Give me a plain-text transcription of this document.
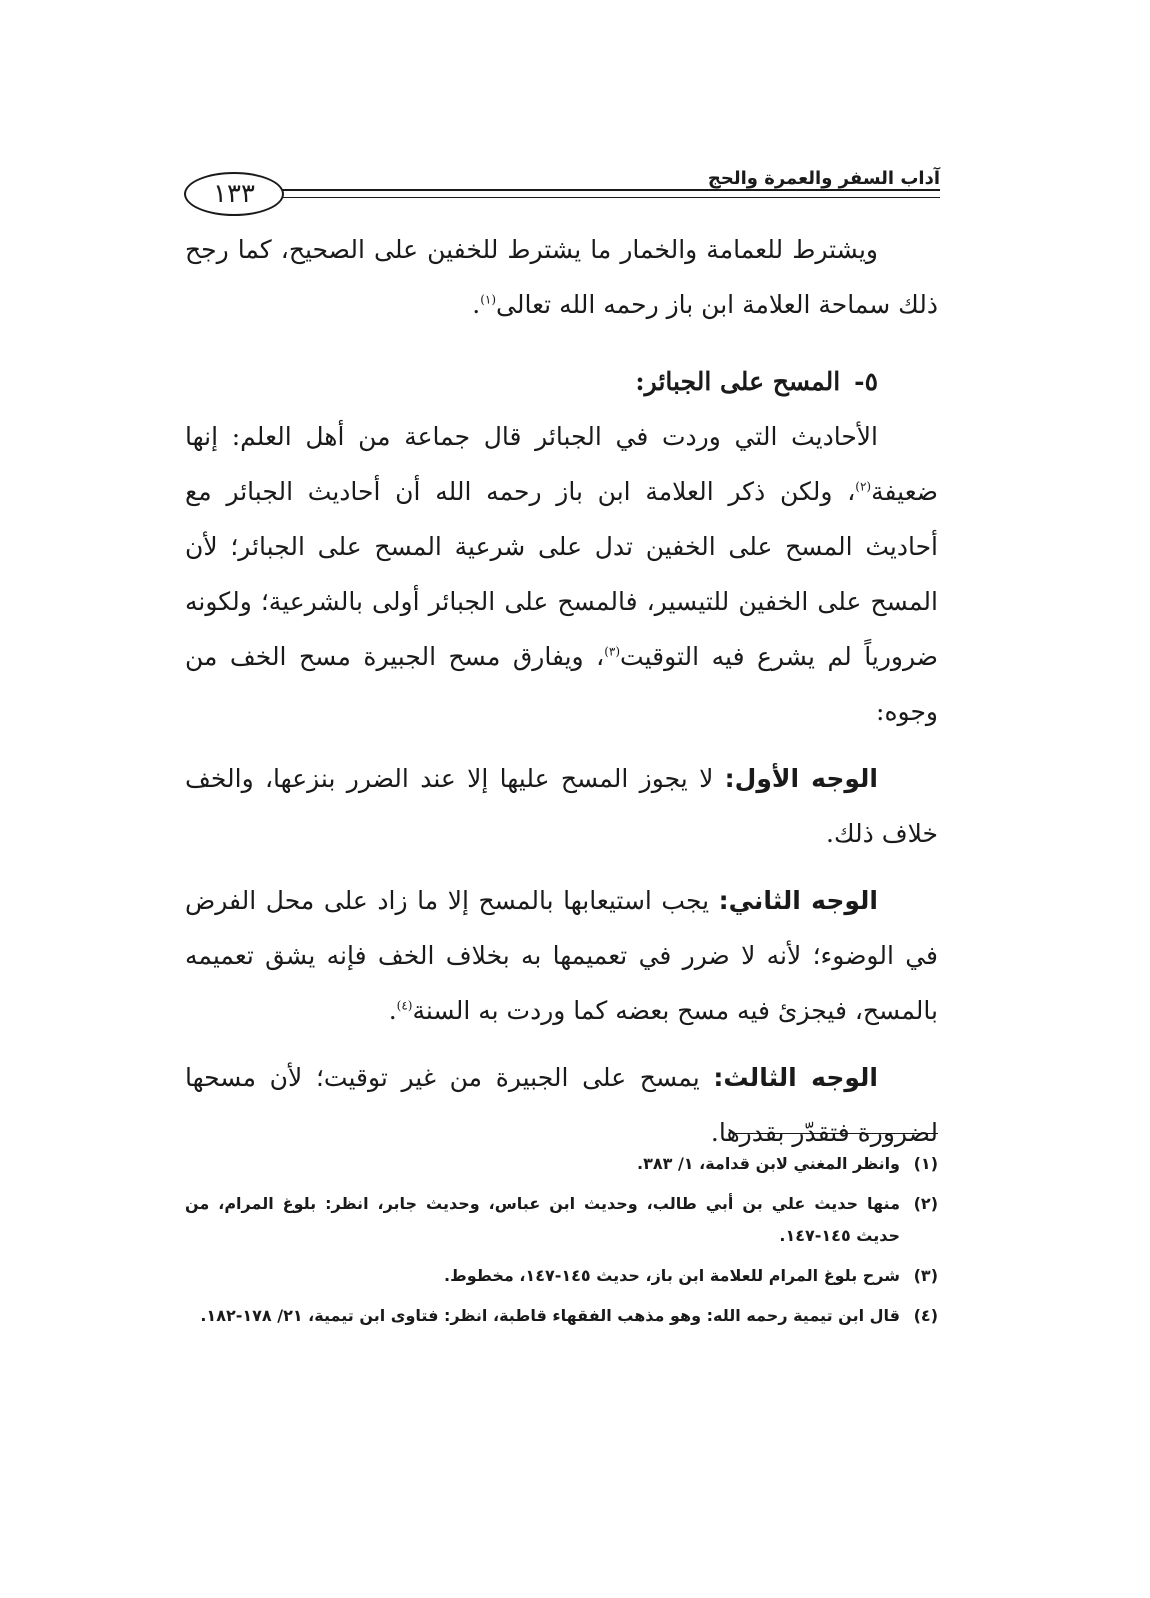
آداب السفر والعمرة والحج
١٣٣

ويشترط للعمامة والخمار ما يشترط للخفين على الصحيح، كما رجح ذلك سماحة العلامة ابن باز رحمه الله تعالى$^{(١)}$.

٥-المسح على الجبائر:

الأحاديث التي وردت في الجبائر قال جماعة من أهل العلم: إنها ضعيفة$^{(٢)}$، ولكن ذكر العلامة ابن باز رحمه الله أن أحاديث الجبائر مع أحاديث المسح على الخفين تدل على شرعية المسح على الجبائر؛ لأن المسح على الخفين للتيسير، فالمسح على الجبائر أولى بالشرعية؛ ولكونه ضرورياً لم يشرع فيه التوقيت$^{(٣)}$، ويفارق مسح الجبيرة مسح الخف من وجوه:

الوجه الأول: لا يجوز المسح عليها إلا عند الضرر بنزعها، والخف خلاف ذلك.

الوجه الثاني: يجب استيعابها بالمسح إلا ما زاد على محل الفرض في الوضوء؛ لأنه لا ضرر في تعميمها به بخلاف الخف فإنه يشق تعميمه بالمسح، فيجزئ فيه مسح بعضه كما وردت به السنة$^{(٤)}$.

الوجه الثالث: يمسح على الجبيرة من غير توقيت؛ لأن مسحها لضرورة فتقدّر بقدرها.

(١)
وانظر المغني لابن قدامة، ١/ ٣٨٣.
(٢)
منها حديث علي بن أبي طالب، وحديث ابن عباس، وحديث جابر، انظر: بلوغ المرام، من حديث ١٤٥-١٤٧.
(٣)
شرح بلوغ المرام للعلامة ابن باز، حديث ١٤٥-١٤٧، مخطوط.
(٤)
قال ابن تيمية رحمه الله: وهو مذهب الفقهاء قاطبة، انظر: فتاوى ابن تيمية، ٢١/ ١٧٨-١٨٢.
